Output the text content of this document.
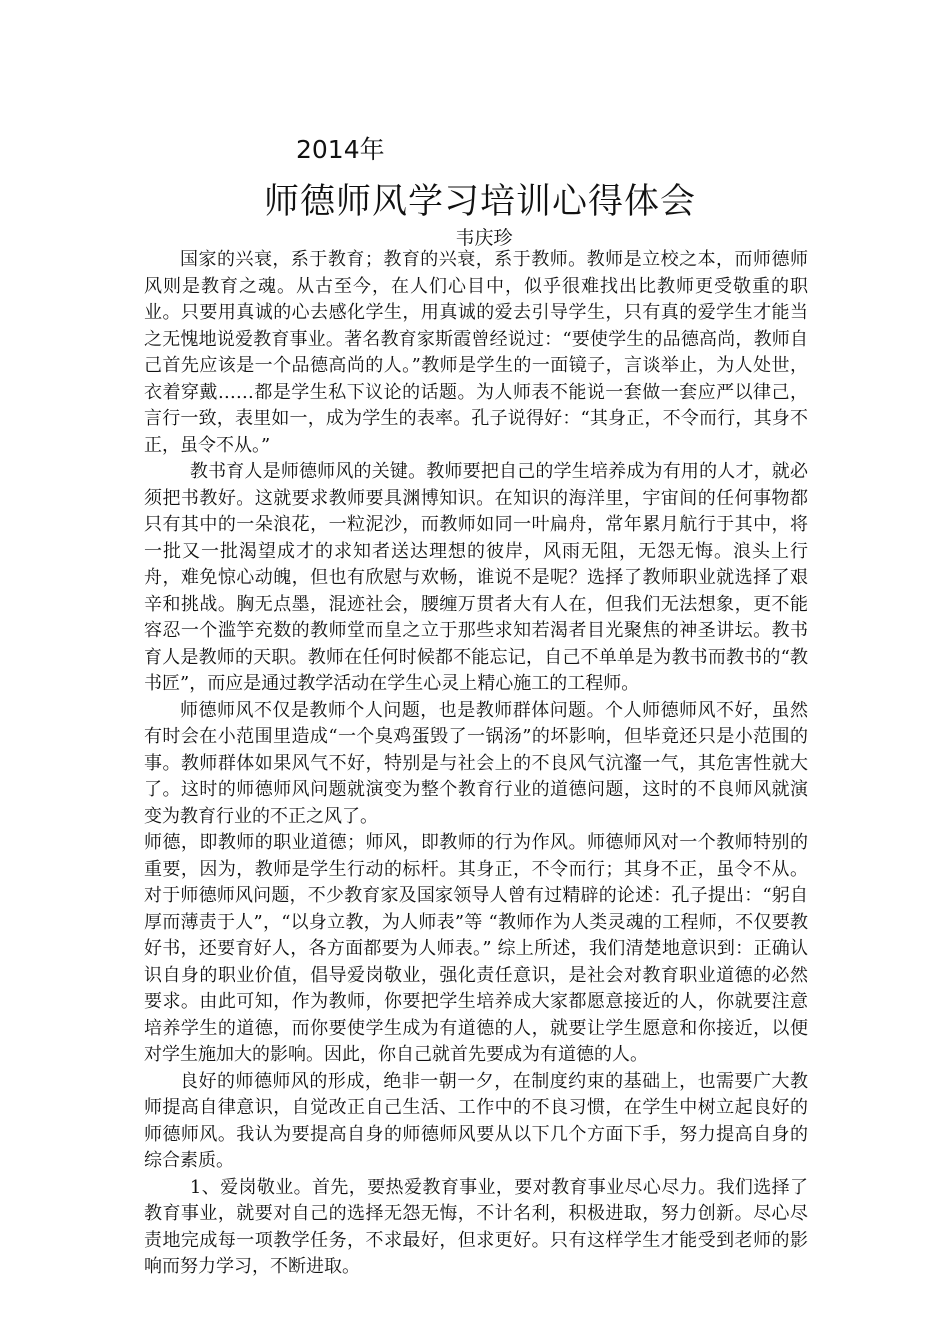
2014年
师德师风学习培训心得体会
韦庆珍

国家的兴衰，系于教育；教育的兴衰，系于教师。教师是立校之本，而师德师风则是教育之魂。从古至今，在人们心目中，似乎很难找出比教师更受敬重的职业。只要用真诚的心去感化学生，用真诚的爱去引导学生，只有真的爱学生才能当之无愧地说爱教育事业。著名教育家斯霞曾经说过：“要使学生的品德高尚，教师自己首先应该是一个品德高尚的人。”教师是学生的一面镜子，言谈举止，为人处世，衣着穿戴……都是学生私下议论的话题。为人师表不能说一套做一套应严以律己，言行一致，表里如一，成为学生的表率。孔子说得好：“其身正，不令而行，其身不正，虽令不从。”

教书育人是师德师风的关键。教师要把自己的学生培养成为有用的人才，就必须把书教好。这就要求教师要具渊博知识。在知识的海洋里，宇宙间的任何事物都只有其中的一朵浪花，一粒泥沙，而教师如同一叶扁舟，常年累月航行于其中，将一批又一批渴望成才的求知者送达理想的彼岸，风雨无阻，无怨无悔。浪头上行舟，难免惊心动魄，但也有欣慰与欢畅，谁说不是呢？选择了教师职业就选择了艰辛和挑战。胸无点墨，混迹社会，腰缠万贯者大有人在，但我们无法想象，更不能容忍一个滥竽充数的教师堂而皇之立于那些求知若渴者目光聚焦的神圣讲坛。教书育人是教师的天职。教师在任何时候都不能忘记，自己不单单是为教书而教书的“教书匠”，而应是通过教学活动在学生心灵上精心施工的工程师。

师德师风不仅是教师个人问题，也是教师群体问题。个人师德师风不好，虽然有时会在小范围里造成“一个臭鸡蛋毁了一锅汤”的坏影响，但毕竟还只是小范围的事。教师群体如果风气不好，特别是与社会上的不良风气沆瀣一气，其危害性就大了。这时的师德师风问题就演变为整个教育行业的道德问题，这时的不良师风就演变为教育行业的不正之风了。

师德，即教师的职业道德；师风，即教师的行为作风。师德师风对一个教师特别的重要，因为，教师是学生行动的标杆。其身正，不令而行；其身不正，虽令不从。对于师德师风问题，不少教育家及国家领导人曾有过精辟的论述：孔子提出：“躬自厚而薄责于人”，“以身立教，为人师表”等 “教师作为人类灵魂的工程师，不仅要教好书，还要育好人，各方面都要为人师表。” 综上所述，我们清楚地意识到：正确认识自身的职业价值，倡导爱岗敬业，强化责任意识，是社会对教育职业道德的必然要求。由此可知，作为教师，你要把学生培养成大家都愿意接近的人，你就要注意培养学生的道德，而你要使学生成为有道德的人，就要让学生愿意和你接近，以便对学生施加大的影响。因此，你自己就首先要成为有道德的人。

良好的师德师风的形成，绝非一朝一夕，在制度约束的基础上，也需要广大教师提高自律意识，自觉改正自己生活、工作中的不良习惯，在学生中树立起良好的师德师风。我认为要提高自身的师德师风要从以下几个方面下手，努力提高自身的综合素质。

1、爱岗敬业。首先，要热爱教育事业，要对教育事业尽心尽力。我们选择了教育事业，就要对自己的选择无怨无悔，不计名利，积极进取，努力创新。尽心尽责地完成每一项教学任务，不求最好，但求更好。只有这样学生才能受到老师的影响而努力学习，不断进取。
